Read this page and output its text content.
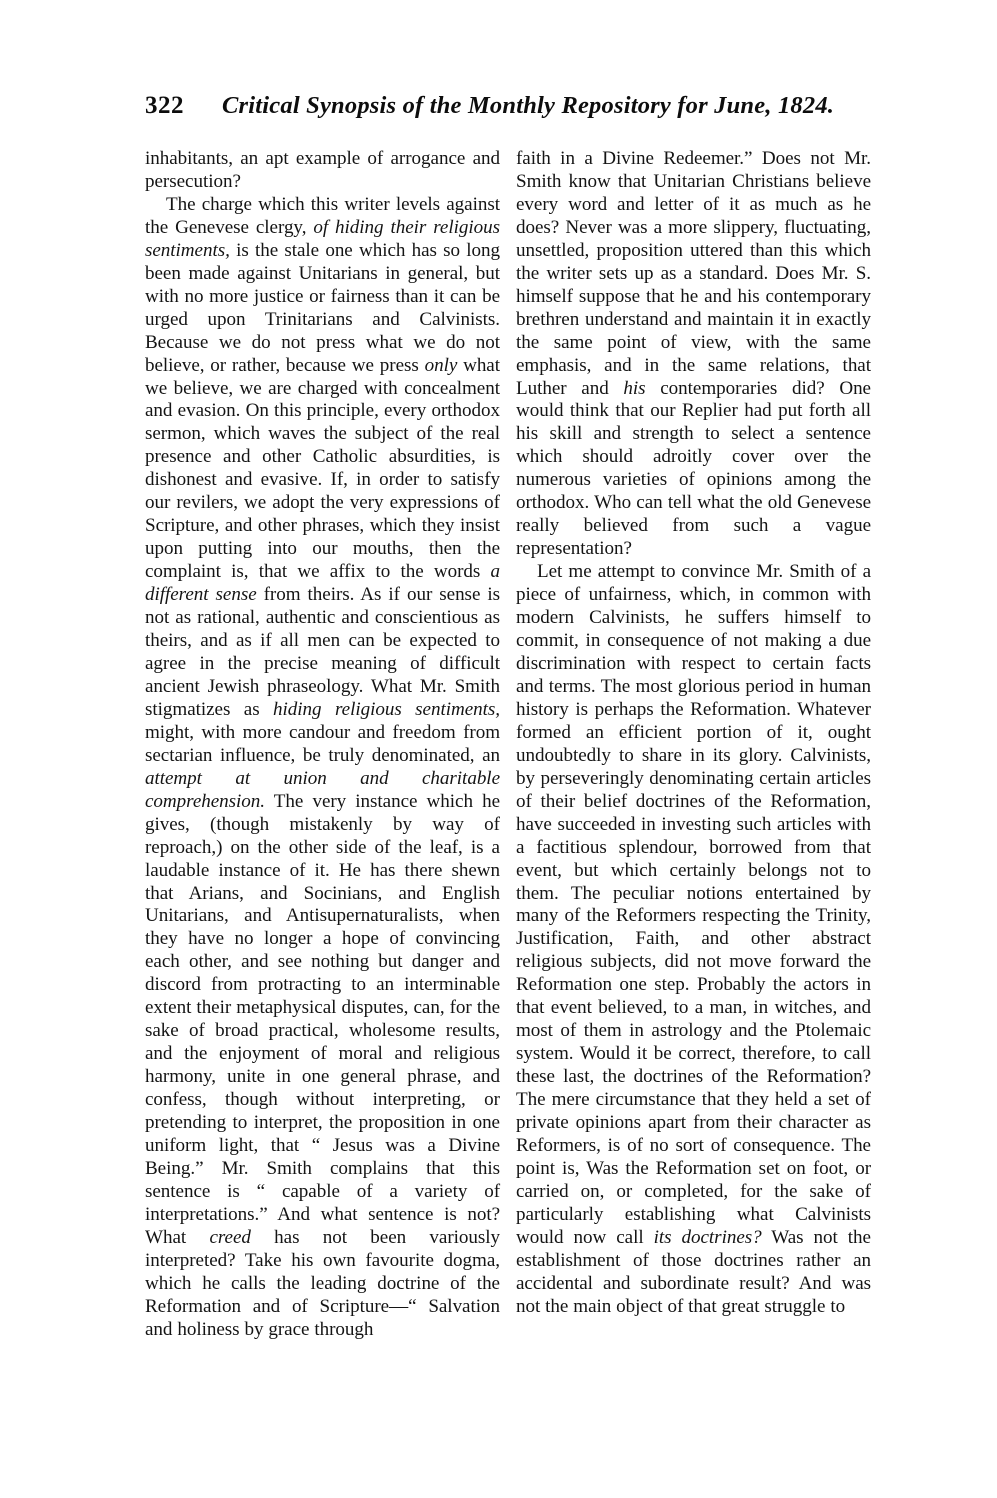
322 Critical Synopsis of the Monthly Repository for June, 1824.

inhabitants, an apt example of arrogance and persecution?

The charge which this writer levels against the Genevese clergy, of hiding their religious sentiments, is the stale one which has so long been made against Unitarians in general, but with no more justice or fairness than it can be urged upon Trinitarians and Calvinists. Because we do not press what we do not believe, or rather, because we press only what we believe, we are charged with concealment and evasion. On this principle, every orthodox sermon, which waves the subject of the real presence and other Catholic absurdities, is dishonest and evasive. If, in order to satisfy our revilers, we adopt the very expressions of Scripture, and other phrases, which they insist upon putting into our mouths, then the complaint is, that we affix to the words a different sense from theirs. As if our sense is not as rational, authentic and conscientious as theirs, and as if all men can be expected to agree in the precise meaning of difficult ancient Jewish phraseology. What Mr. Smith stigmatizes as hiding religious sentiments, might, with more candour and freedom from sectarian influence, be truly denominated, an attempt at union and charitable comprehension. The very instance which he gives, (though mistakenly by way of reproach,) on the other side of the leaf, is a laudable instance of it. He has there shewn that Arians, and Socinians, and English Unitarians, and Antisupernaturalists, when they have no longer a hope of convincing each other, and see nothing but danger and discord from protracting to an interminable extent their metaphysical disputes, can, for the sake of broad practical, wholesome results, and the enjoyment of moral and religious harmony, unite in one general phrase, and confess, though without interpreting, or pretending to interpret, the proposition in one uniform light, that “ Jesus was a Divine Being.” Mr. Smith complains that this sentence is “ capable of a variety of interpretations.” And what sentence is not? What creed has not been variously interpreted? Take his own favourite dogma, which he calls the leading doctrine of the Reformation and of Scripture—“ Salvation and holiness by grace through

faith in a Divine Redeemer.” Does not Mr. Smith know that Unitarian Christians believe every word and letter of it as much as he does? Never was a more slippery, fluctuating, unsettled, proposition uttered than this which the writer sets up as a standard. Does Mr. S. himself suppose that he and his contemporary brethren understand and maintain it in exactly the same point of view, with the same emphasis, and in the same relations, that Luther and his contemporaries did? One would think that our Replier had put forth all his skill and strength to select a sentence which should adroitly cover over the numerous varieties of opinions among the orthodox. Who can tell what the old Genevese really believed from such a vague representation?

Let me attempt to convince Mr. Smith of a piece of unfairness, which, in common with modern Calvinists, he suffers himself to commit, in consequence of not making a due discrimination with respect to certain facts and terms. The most glorious period in human history is perhaps the Reformation. Whatever formed an efficient portion of it, ought undoubtedly to share in its glory. Calvinists, by perseveringly denominating certain articles of their belief doctrines of the Reformation, have succeeded in investing such articles with a factitious splendour, borrowed from that event, but which certainly belongs not to them. The peculiar notions entertained by many of the Reformers respecting the Trinity, Justification, Faith, and other abstract religious subjects, did not move forward the Reformation one step. Probably the actors in that event believed, to a man, in witches, and most of them in astrology and the Ptolemaic system. Would it be correct, therefore, to call these last, the doctrines of the Reformation? The mere circumstance that they held a set of private opinions apart from their character as Reformers, is of no sort of consequence. The point is, Was the Reformation set on foot, or carried on, or completed, for the sake of particularly establishing what Calvinists would now call its doctrines? Was not the establishment of those doctrines rather an accidental and subordinate result? And was not the main object of that great struggle to
